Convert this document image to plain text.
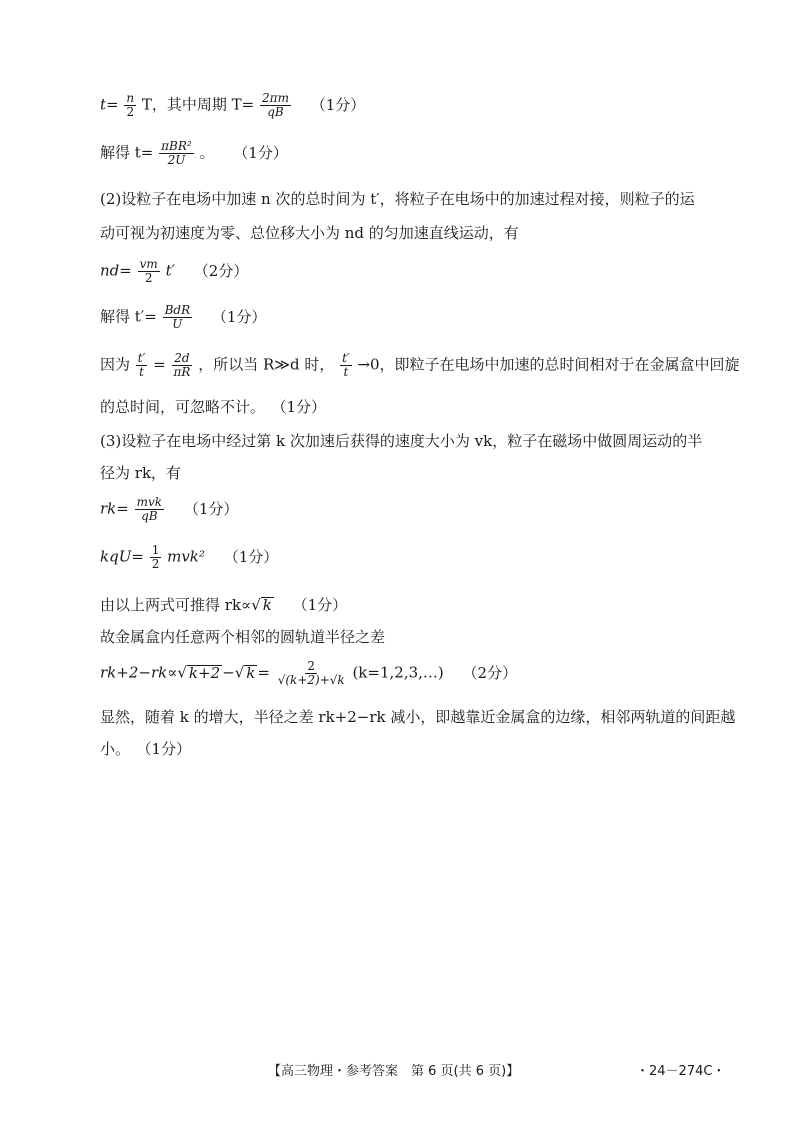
$t= \frac{n}{2}$ T，其中周期 $T= \frac{2\pi m}{qB} (1$分）
解得 $t= \frac{\text{πBR²}}{2U}$ 。 （1分）
(2)设粒子在电场中加速 n 次的总时间为 t′，将粒子在电场中的加速过程对接，则粒子的运
动可视为初速度为零、总位移大小为 nd 的匀加速直线运动，有
$nd= \frac{vm}{2} t'$ （2分）
解得 $t'= \frac{\text{BdR}}{U} (1$分）
因为 $\frac{t'}{t} = \frac{2d}{\pi R}$ ，所以当 R≫d 时， $\frac{t'}{t} \to 0$，即粒子在电场中加速的总时间相对于在金属盒中回旋
的总时间，可忽略不计。 （1分）
(3)设粒子在电场中经过第 k 次加速后获得的速度大小为 vk，粒子在磁场中做圆周运动的半
径为 rk，有
$rk= \frac{\text{mvk}}{qB} (1$分）
$kqU= \frac{1}{2} mvk^2$ （1分）
由以上两式可推得 rk∝√ k （1分）
故金属盒内任意两个相邻的圆轨道半径之差
rk+2−rk∝√ k+2 −√ $k = \frac{2}{√(k+2)+√k}$ (k=1,2,3,…) （2分）
显然，随着 k 的增大，半径之差 rk+2−rk 减小，即越靠近金属盒的边缘，相邻两轨道的间距越
小。 （1分）
【高三物理・参考答案　第 6 页(共 6 页)】	・24－274C・
